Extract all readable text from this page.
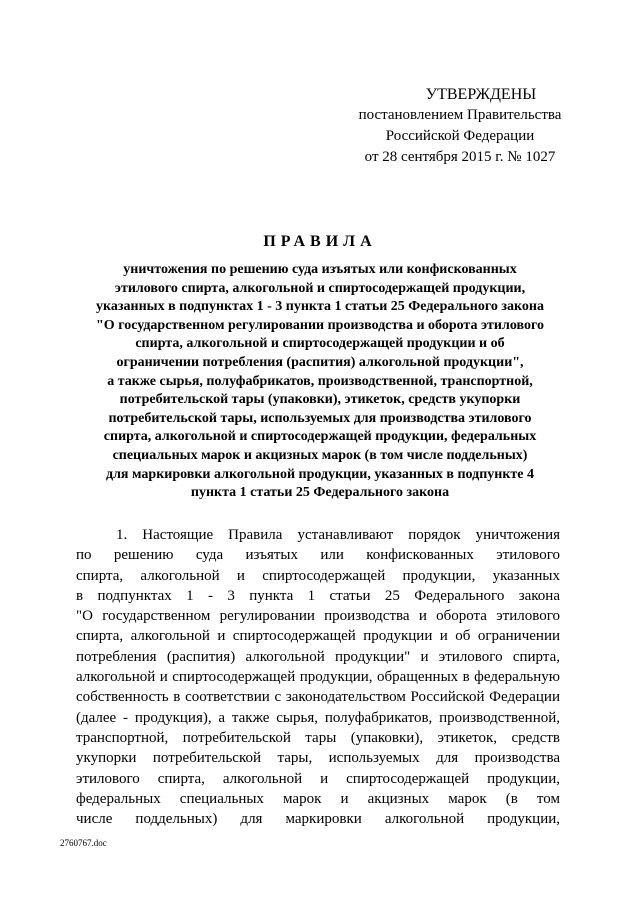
УТВЕРЖДЕНЫ
постановлением Правительства
Российской Федерации
от 28 сентября 2015 г. № 1027
ПРАВИЛА
уничтожения по решению суда изъятых или конфискованных
этилового спирта, алкогольной и спиртосодержащей продукции,
указанных в подпунктах 1 - 3 пункта 1 статьи 25 Федерального закона
"О государственном регулировании производства и оборота этилового
спирта, алкогольной и спиртосодержащей продукции и об
ограничении потребления (распития) алкогольной продукции",
а также сырья, полуфабрикатов, производственной, транспортной,
потребительской тары (упаковки), этикеток, средств укупорки
потребительской тары, используемых для производства этилового
спирта, алкогольной и спиртосодержащей продукции, федеральных
специальных марок и акцизных марок (в том числе поддельных)
для маркировки алкогольной продукции, указанных в подпункте 4
пункта 1 статьи 25 Федерального закона
1. Настоящие Правила устанавливают порядок уничтожения
по решению суда изъятых или конфискованных этилового
спирта, алкогольной и спиртосодержащей продукции, указанных
в подпунктах 1 - 3 пункта 1 статьи 25 Федерального закона
"О государственном регулировании производства и оборота этилового
спирта, алкогольной и спиртосодержащей продукции и об ограничении
потребления (распития) алкогольной продукции" и этилового спирта,
алкогольной и спиртосодержащей продукции, обращенных в федеральную
собственность в соответствии с законодательством Российской Федерации
(далее - продукция), а также сырья, полуфабрикатов, производственной,
транспортной, потребительской тары (упаковки), этикеток, средств
укупорки потребительской тары, используемых для производства
этилового спирта, алкогольной и спиртосодержащей продукции,
федеральных специальных марок и акцизных марок (в том
числе поддельных) для маркировки алкогольной продукции,
2760767.doc
